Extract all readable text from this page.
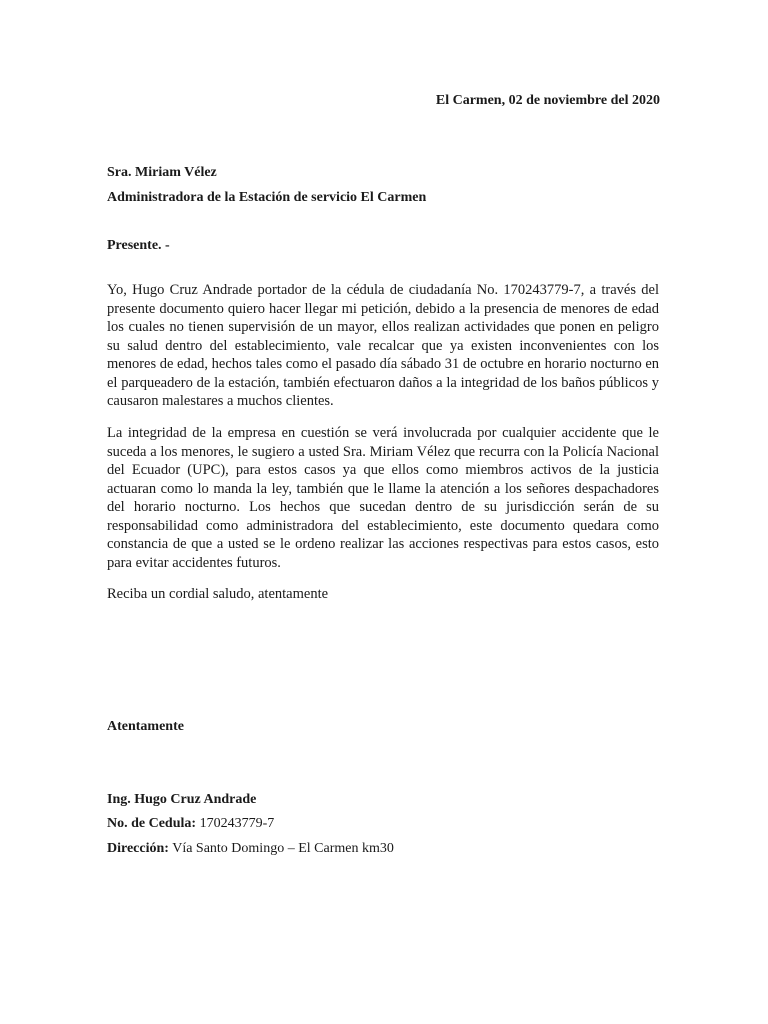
El Carmen, 02 de noviembre del 2020
Sra. Miriam Vélez
Administradora de la Estación de servicio El Carmen
Presente. -

Yo, Hugo Cruz Andrade portador de la cédula de ciudadanía No. 170243779-7, a través del presente documento quiero hacer llegar mi petición, debido a la presencia de menores de edad los cuales no tienen supervisión de un mayor, ellos realizan actividades que ponen en peligro su salud dentro del establecimiento, vale recalcar que ya existen inconvenientes con los menores de edad, hechos tales como el pasado día sábado 31 de octubre en horario nocturno en el parqueadero de la estación, también efectuaron daños a la integridad de los baños públicos y causaron malestares a muchos clientes.

La integridad de la empresa en cuestión se verá involucrada por cualquier accidente que le suceda a los menores, le sugiero a usted Sra. Miriam Vélez que recurra con la Policía Nacional del Ecuador (UPC), para estos casos ya que ellos como miembros activos de la justicia actuaran como lo manda la ley, también que le llame la atención a los señores despachadores del horario nocturno. Los hechos que sucedan dentro de su jurisdicción serán de su responsabilidad como administradora del establecimiento, este documento quedara como constancia de que a usted se le ordeno realizar las acciones respectivas para estos casos, esto para evitar accidentes futuros.

Reciba un cordial saludo, atentamente
Atentamente
Ing. Hugo Cruz Andrade
No. de Cedula: 170243779-7
Dirección: Vía Santo Domingo – El Carmen km30
